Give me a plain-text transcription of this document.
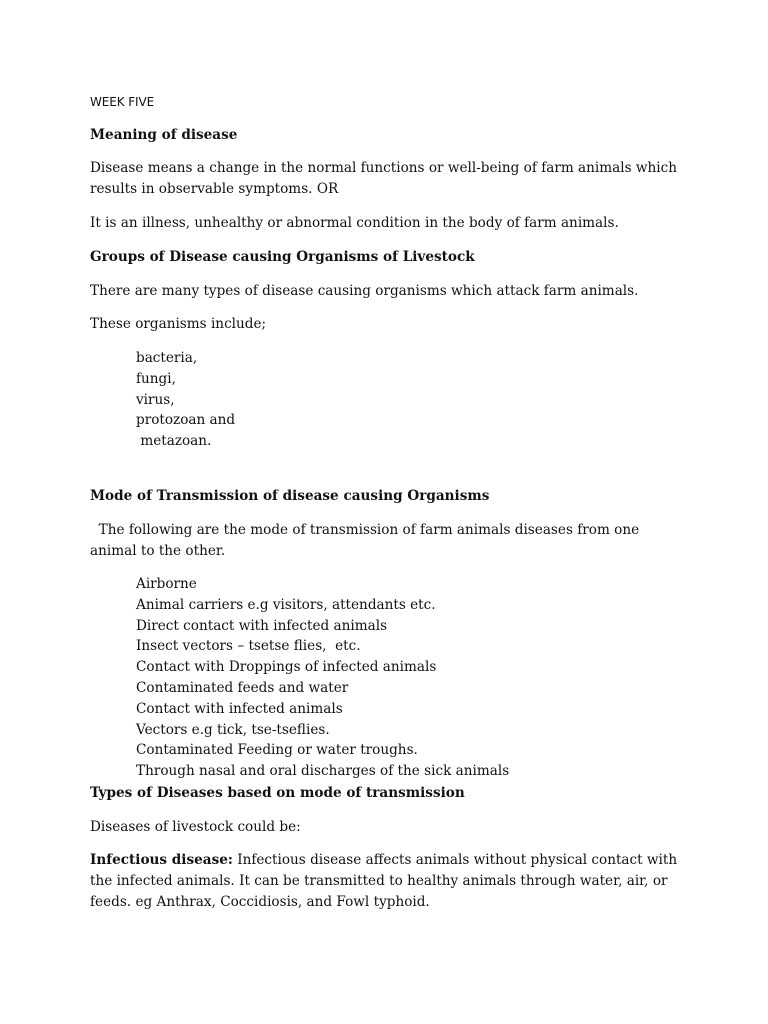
WEEK FIVE
Meaning of disease
Disease means a change in the normal functions or well-being of farm animals which results in observable symptoms. OR
It is an illness, unhealthy or abnormal condition in the body of farm animals.
Groups of Disease causing Organisms of Livestock
There are many types of disease causing organisms which attack farm animals.
These organisms include;
bacteria,
fungi,
virus,
protozoan and
metazoan.
Mode of Transmission of disease causing Organisms
The following are the mode of transmission of farm animals diseases from one animal to the other.
Airborne
Animal carriers e.g visitors, attendants etc.
Direct contact with infected animals
Insect vectors – tsetse flies,  etc.
Contact with Droppings of infected animals
Contaminated feeds and water
Contact with infected animals
Vectors e.g tick, tse-tseflies.
Contaminated Feeding or water troughs.
Through nasal and oral discharges of the sick animals
Types of Diseases based on mode of transmission
Diseases of livestock could be:
Infectious disease: Infectious disease affects animals without physical contact with the infected animals. It can be transmitted to healthy animals through water, air, or feeds. eg Anthrax, Coccidiosis, and Fowl typhoid.
